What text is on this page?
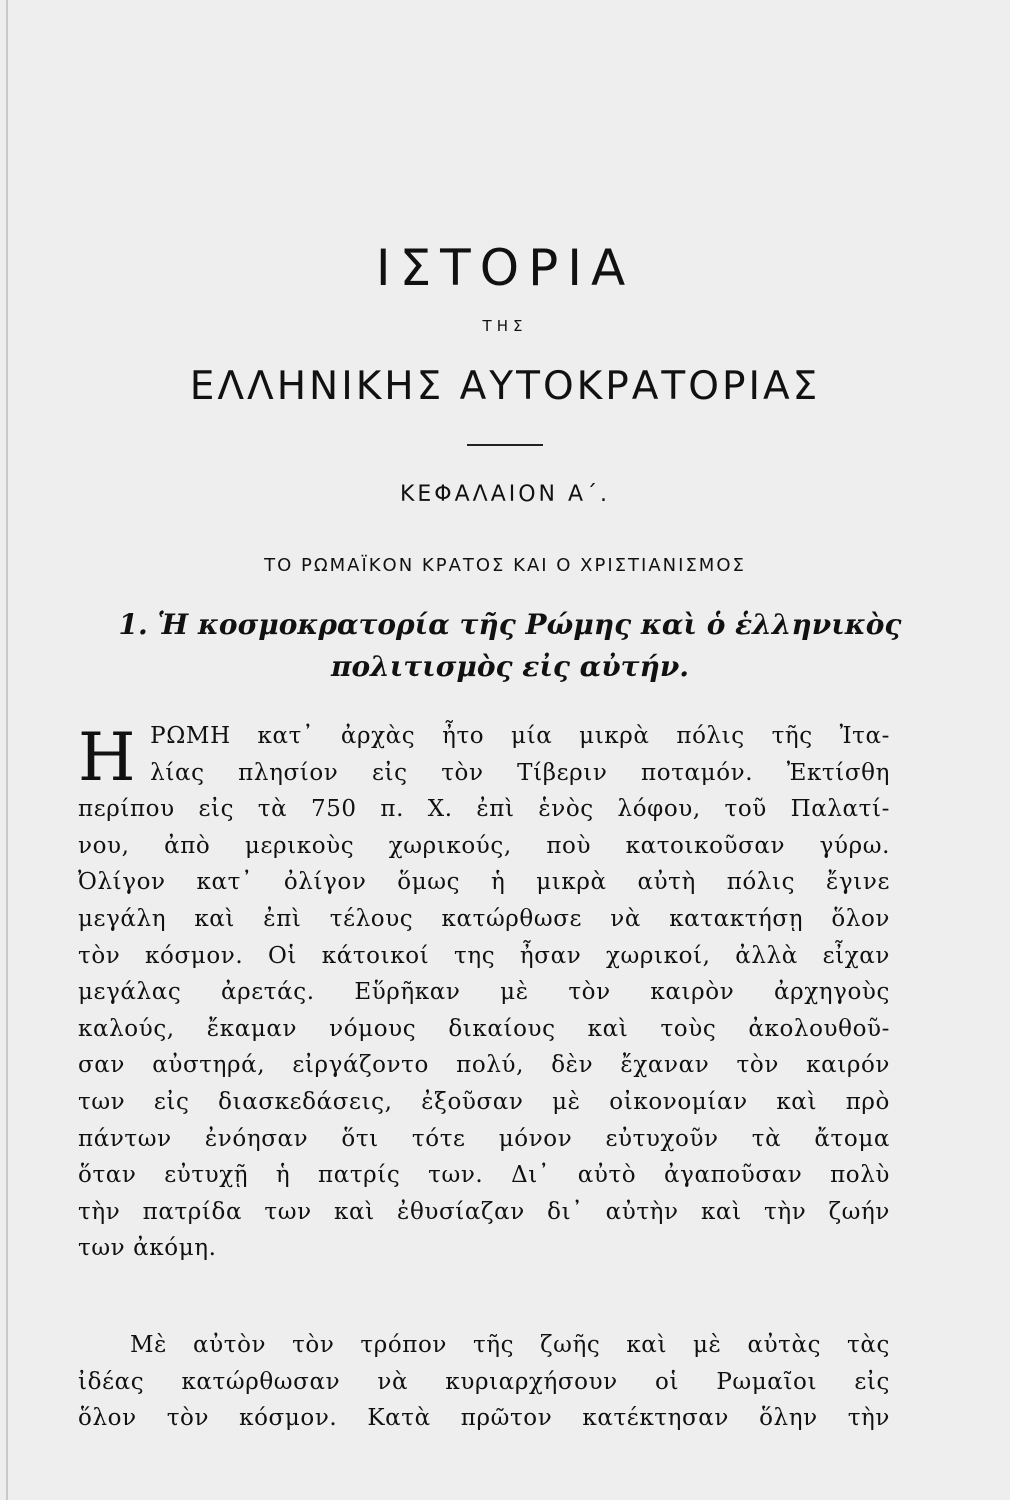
ΙΣΤΟΡΙΑ
ΤΗΣ
ΕΛΛΗΝΙΚΗΣ ΑΥΤΟΚΡΑΤΟΡΙΑΣ
ΚΕΦΑΛΑΙΟΝ Α΄.
ΤΟ ΡΩΜΑΪΚΟΝ ΚΡΑΤΟΣ ΚΑΙ Ο ΧΡΙΣΤΙΑΝΙΣΜΟΣ
1. Ἡ κοσμοκρατορία τῆς Ρώμης καὶ ὁ ἑλληνικὸς
πολιτισμὸς εἰς αὐτήν.
Η ΡΩΜΗ κατ᾽ ἀρχὰς ἦτο μία μικρὰ πόλις τῆς Ἰτα-
λίας πλησίον εἰς τὸν Τίβεριν ποταμόν. Ἐκτίσθη
περίπου εἰς τὰ 750 π. Χ. ἐπὶ ἑνὸς λόφου, τοῦ Παλατί-
νου, ἀπὸ μερικοὺς χωρικούς, ποὺ κατοικοῦσαν γύρω.
Ὀλίγον κατ᾽ ὀλίγον ὅμως ἡ μικρὰ αὐτὴ πόλις ἔγινε
μεγάλη καὶ ἐπὶ τέλους κατώρθωσε νὰ κατακτήσῃ ὅλον
τὸν κόσμον. Οἱ κάτοικοί της ἦσαν χωρικοί, ἀλλὰ εἶχαν
μεγάλας ἀρετάς. Εὕρῆκαν μὲ τὸν καιρὸν ἀρχηγοὺς
καλούς, ἔκαμαν νόμους δικαίους καὶ τοὺς ἀκολουθοῦ-
σαν αὐστηρά, εἰργάζοντο πολύ, δὲν ἔχαναν τὸν καιρόν
των εἰς διασκεδάσεις, ἐξοῦσαν μὲ οἰκονομίαν καὶ πρὸ
πάντων ἐνόησαν ὅτι τότε μόνον εὐτυχοῦν τὰ ἄτομα
ὅταν εὐτυχῇ ἡ πατρίς των. Δι᾽ αὐτὸ ἀγαποῦσαν πολὺ
τὴν πατρίδα των καὶ ἐθυσίαζαν δι᾽ αὐτὴν καὶ τὴν ζωήν
των ἀκόμη.
Μὲ αὐτὸν τὸν τρόπον τῆς ζωῆς καὶ μὲ αὐτὰς τὰς
ἰδέας κατώρθωσαν νὰ κυριαρχήσουν οἱ Ρωμαῖοι εἰς
ὅλον τὸν κόσμον. Κατὰ πρῶτον κατέκτησαν ὅλην τὴν
